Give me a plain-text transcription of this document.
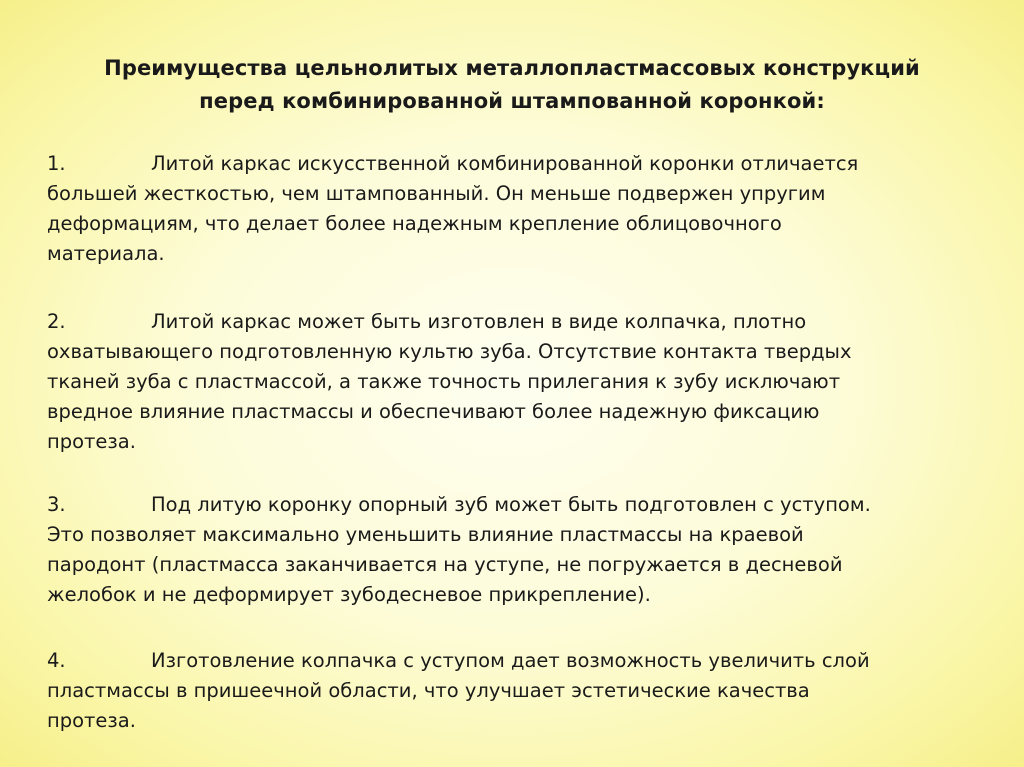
Преимущества цельнолитых металлопластмассовых конструкций
перед комбинированной штампованной коронкой:
1.	Литой каркас искусственной комбинированной коронки отличается
большей жесткостью, чем штампованный. Он меньше подвержен упругим
деформациям, что делает более надежным крепление облицовочного
материала.
2.	Литой каркас может быть изготовлен в виде колпачка, плотно
охватывающего подготовленную культю зуба. Отсутствие контакта твердых
тканей зуба с пластмассой, а также точность прилегания к зубу исключают
вредное влияние пластмассы и обеспечивают более надежную фиксацию
протеза.
3.	Под литую коронку опорный зуб может быть подготовлен с уступом.
Это позволяет максимально уменьшить влияние пластмассы на краевой
пародонт (пластмасса заканчивается на уступе, не погружается в десневой
желобок и не деформирует зубодесневое прикрепление).
4.	Изготовление колпачка с уступом дает возможность увеличить слой
пластмассы в пришеечной области, что улучшает эстетические качества
протеза.
